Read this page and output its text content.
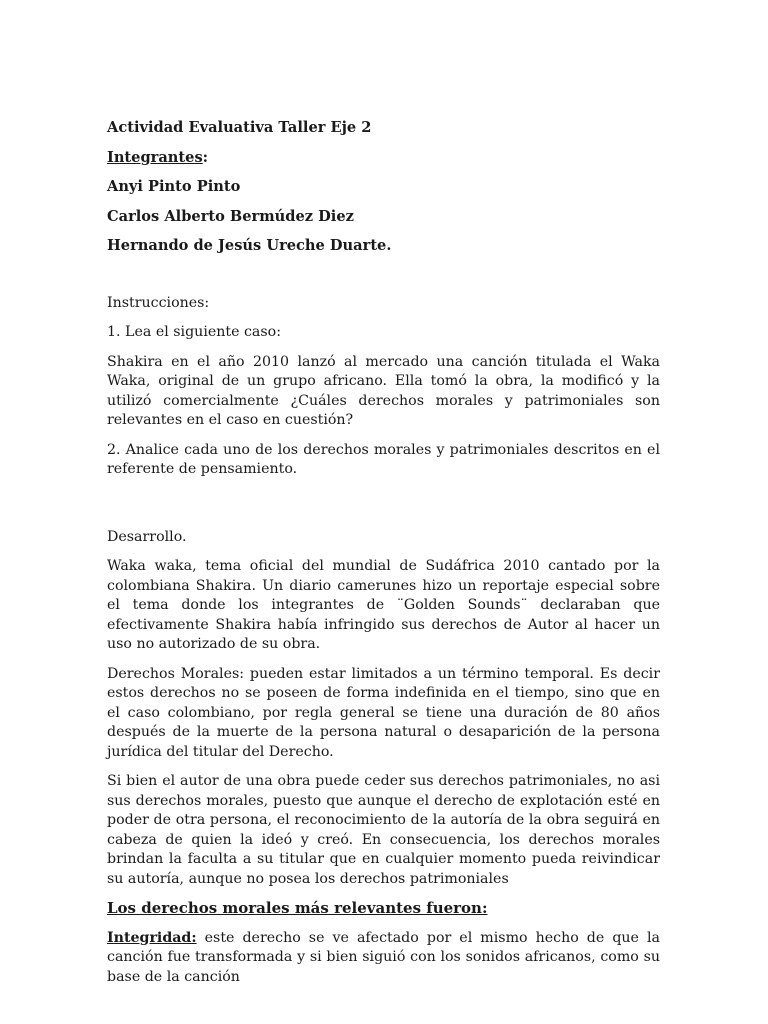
Actividad Evaluativa Taller Eje 2
Integrantes:
Anyi Pinto Pinto
Carlos Alberto Bermúdez Diez
Hernando de Jesús Ureche Duarte.

Instrucciones:

1. Lea el siguiente caso:

Shakira en el año 2010 lanzó al mercado una canción titulada el Waka Waka, original de un grupo africano. Ella tomó la obra, la modificó y la utilizó comercialmente ¿Cuáles derechos morales y patrimoniales son relevantes en el caso en cuestión?

2. Analice cada uno de los derechos morales y patrimoniales descritos en el referente de pensamiento.

Desarrollo.

Waka waka, tema oficial del mundial de Sudáfrica 2010 cantado por la colombiana Shakira. Un diario camerunes hizo un reportaje especial sobre el tema donde los integrantes de ¨Golden Sounds¨ declaraban que efectivamente Shakira había infringido sus derechos de Autor al hacer un uso no autorizado de su obra.

Derechos Morales: pueden estar limitados a un término temporal. Es decir estos derechos no se poseen de forma indefinida en el tiempo, sino que en el caso colombiano, por regla general se tiene una duración de 80 años después de la muerte de la persona natural o desaparición de la persona jurídica del titular del Derecho.

Si bien el autor de una obra puede ceder sus derechos patrimoniales, no asi sus derechos morales, puesto que aunque el derecho de explotación esté en poder de otra persona, el reconocimiento de la autoría de la obra seguirá en cabeza de quien la ideó y creó. En consecuencia, los derechos morales brindan la faculta a su titular que en cualquier momento pueda reivindicar su autoría, aunque no posea los derechos patrimoniales

Los derechos morales más relevantes fueron:

Integridad: este derecho se ve afectado por el mismo hecho de que la canción fue transformada y si bien siguió con los sonidos africanos, como su base de la canción
